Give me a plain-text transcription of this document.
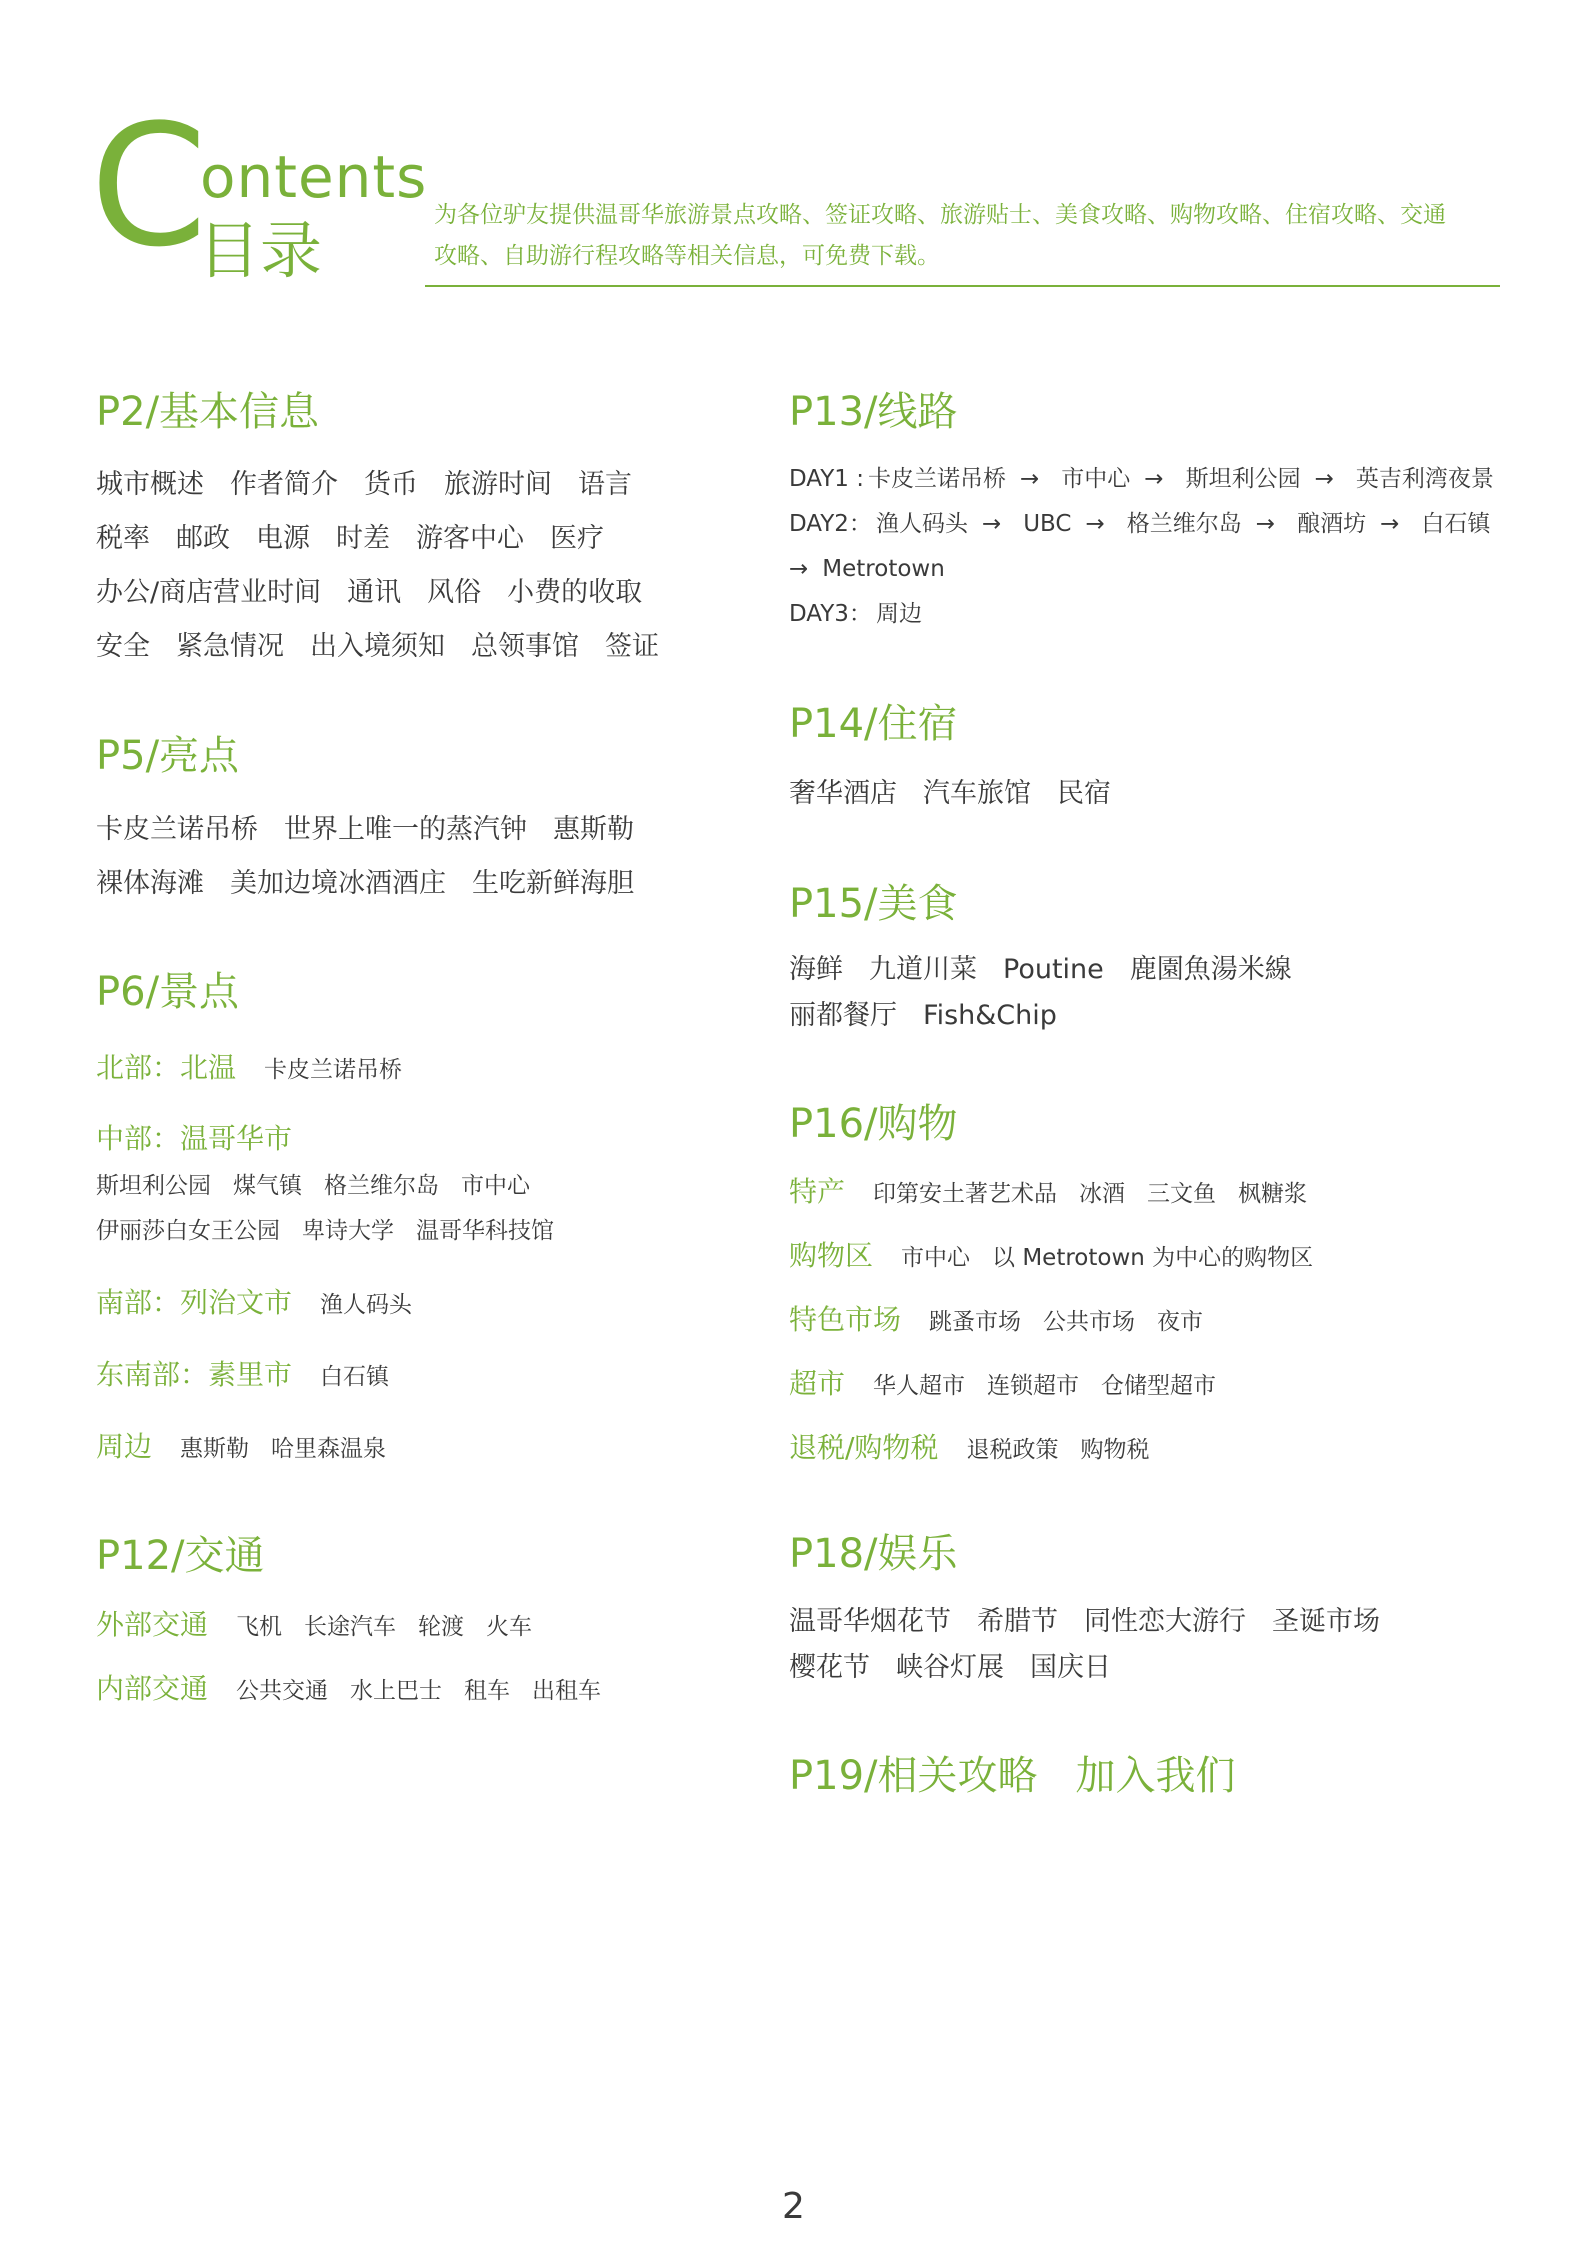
C
ontents
目录	为各位驴友提供温哥华旅游景点攻略、签证攻略、旅游贴士、美食攻略、购物攻略、住宿攻略、交通
攻略、自助游行程攻略等相关信息，可免费下载。
P2/基本信息
城市概述 作者简介 货币 旅游时间 语言
税率 邮政 电源 时差 游客中心 医疗
办公/商店营业时间 通讯 风俗 小费的收取
安全 紧急情况 出入境须知 总领事馆 签证
P5/亮点
卡皮兰诺吊桥 世界上唯一的蒸汽钟 惠斯勒
裸体海滩 美加边境冰酒酒庄 生吃新鲜海胆
P6/景点
北部：北温 卡皮兰诺吊桥
中部：温哥华市
斯坦利公园 煤气镇 格兰维尔岛 市中心
伊丽莎白女王公园 卑诗大学 温哥华科技馆
南部：列治文市 渔人码头
东南部：素里市 白石镇
周边 惠斯勒 哈里森温泉
P12/交通
外部交通 飞机 长途汽车 轮渡 火车
内部交通 公共交通 水上巴士 租车 出租车
P13/线路
DAY1 : 卡皮兰诺吊桥 → 市中心 → 斯坦利公园 → 英吉利湾夜景
DAY2： 渔人码头 → UBC → 格兰维尔岛 → 酿酒坊 → 白石镇
→ Metrotown
DAY3： 周边
P14/住宿
奢华酒店 汽车旅馆 民宿
P15/美食
海鲜 九道川菜 Poutine 鹿園魚湯米線
丽都餐厅 Fish&Chip
P16/购物
特产 印第安土著艺术品 冰酒 三文鱼 枫糖浆
购物区 市中心 以 Metrotown 为中心的购物区
特色市场 跳蚤市场 公共市场 夜市
超市 华人超市 连锁超市 仓储型超市
退税/购物税 退税政策 购物税
P18/娱乐
温哥华烟花节 希腊节 同性恋大游行 圣诞市场
樱花节 峡谷灯展 国庆日
P19/相关攻略 加入我们
2
